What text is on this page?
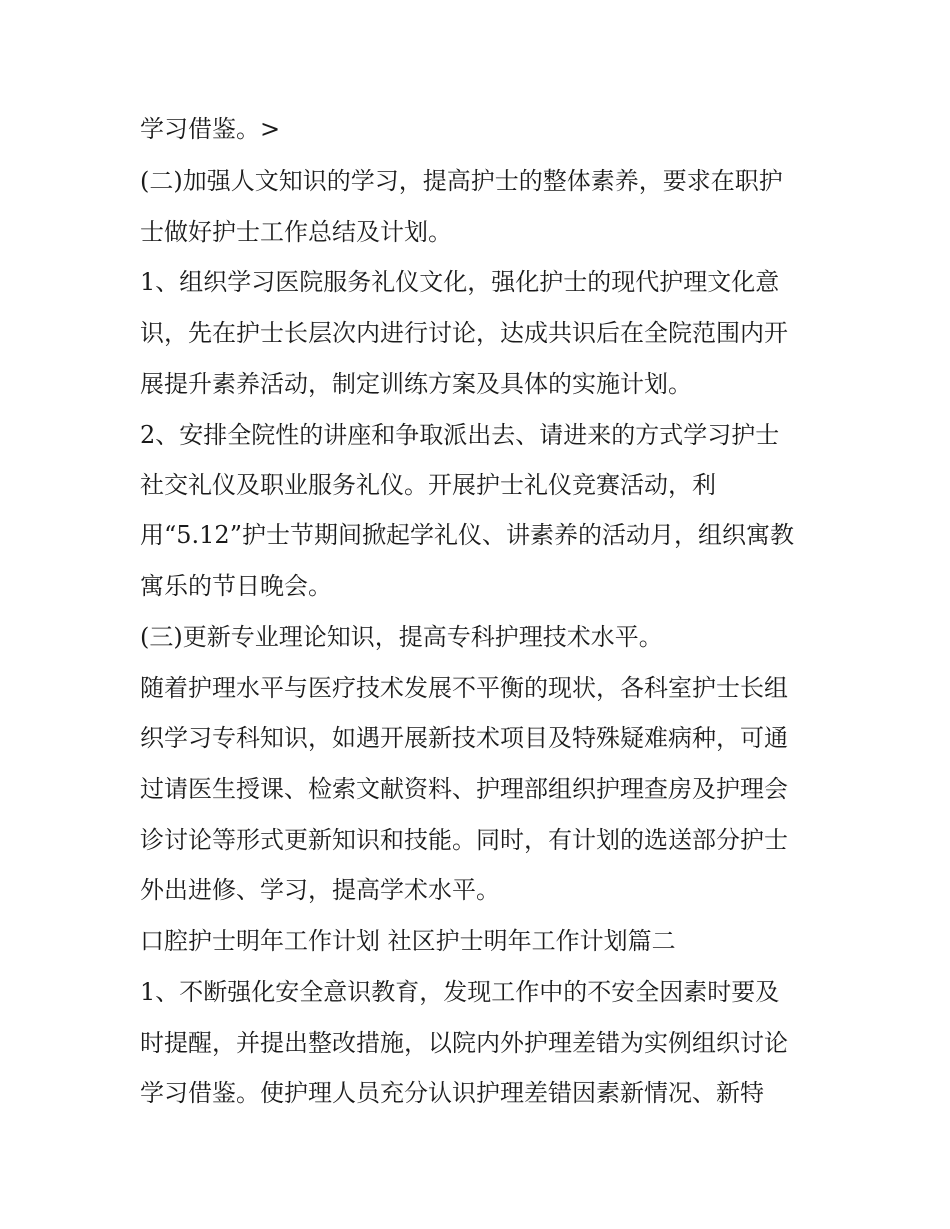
学习借鉴。>
(二)加强人文知识的学习，提高护士的整体素养，要求在职护
士做好护士工作总结及计划。
1、组织学习医院服务礼仪文化，强化护士的现代护理文化意
识，先在护士长层次内进行讨论，达成共识后在全院范围内开
展提升素养活动，制定训练方案及具体的实施计划。
2、安排全院性的讲座和争取派出去、请进来的方式学习护士
社交礼仪及职业服务礼仪。开展护士礼仪竞赛活动，利
用“5.12”护士节期间掀起学礼仪、讲素养的活动月，组织寓教
寓乐的节日晚会。
(三)更新专业理论知识，提高专科护理技术水平。
随着护理水平与医疗技术发展不平衡的现状，各科室护士长组
织学习专科知识，如遇开展新技术项目及特殊疑难病种，可通
过请医生授课、检索文献资料、护理部组织护理查房及护理会
诊讨论等形式更新知识和技能。同时，有计划的选送部分护士
外出进修、学习，提高学术水平。
口腔护士明年工作计划 社区护士明年工作计划篇二
1、不断强化安全意识教育，发现工作中的不安全因素时要及
时提醒，并提出整改措施，以院内外护理差错为实例组织讨论
学习借鉴。使护理人员充分认识护理差错因素新情况、新特
